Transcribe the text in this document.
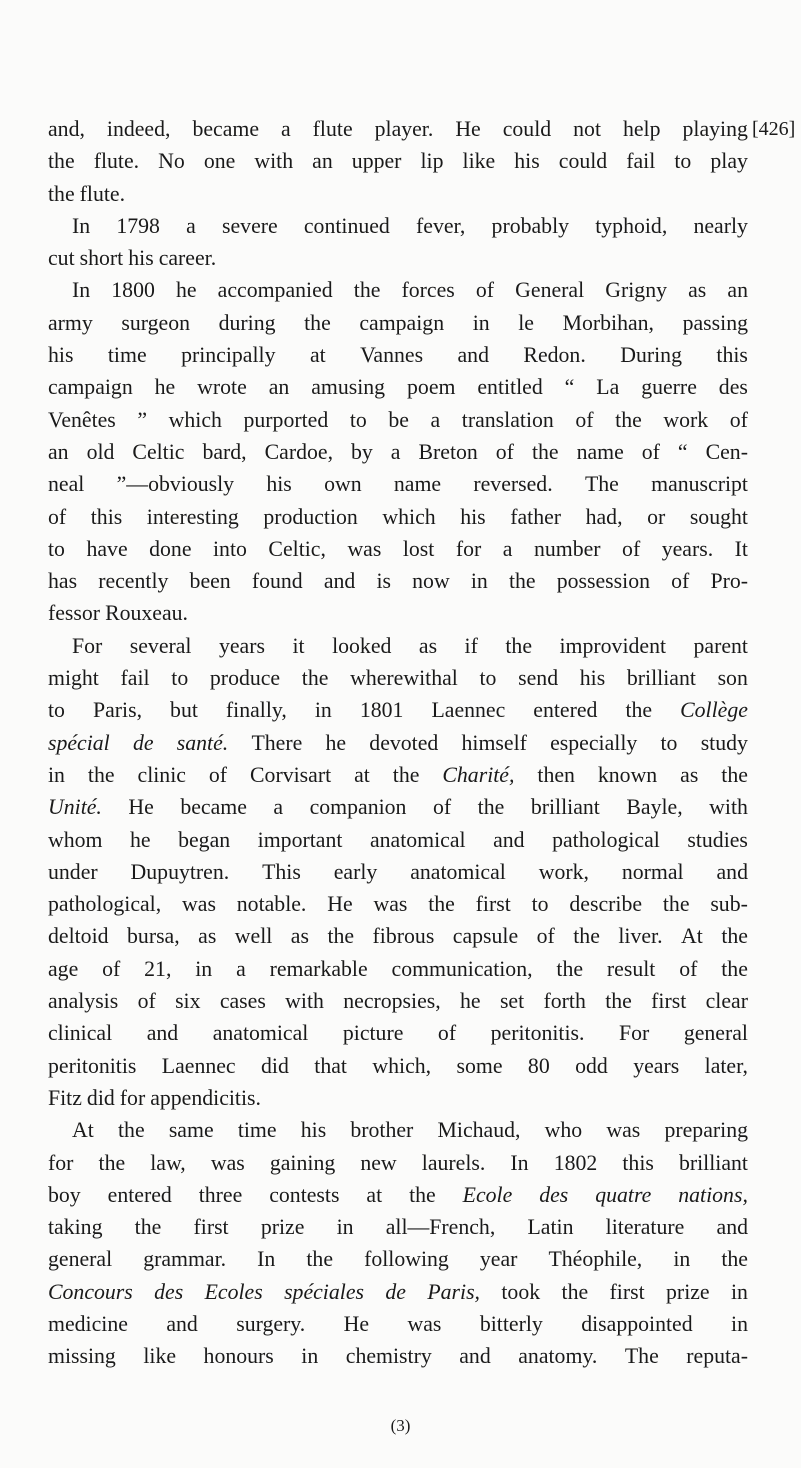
and, indeed, became a flute player. He could not help playing
the flute. No one with an upper lip like his could fail to play
the flute.
In 1798 a severe continued fever, probably typhoid, nearly
cut short his career.
In 1800 he accompanied the forces of General Grigny as an
army surgeon during the campaign in le Morbihan, passing
his time principally at Vannes and Redon. During this
campaign he wrote an amusing poem entitled “ La guerre des
Venêtes ” which purported to be a translation of the work of
an old Celtic bard, Cardoe, by a Breton of the name of “ Cen-
neal ”—obviously his own name reversed. The manuscript
of this interesting production which his father had, or sought
to have done into Celtic, was lost for a number of years. It
has recently been found and is now in the possession of Pro-
fessor Rouxeau.
For several years it looked as if the improvident parent
might fail to produce the wherewithal to send his brilliant son
to Paris, but finally, in 1801 Laennec entered the Collège
spécial de santé. There he devoted himself especially to study
in the clinic of Corvisart at the Charité, then known as the
Unité. He became a companion of the brilliant Bayle, with
whom he began important anatomical and pathological studies
under Dupuytren. This early anatomical work, normal and
pathological, was notable. He was the first to describe the sub-
deltoid bursa, as well as the fibrous capsule of the liver. At the
age of 21, in a remarkable communication, the result of the
analysis of six cases with necropsies, he set forth the first clear
clinical and anatomical picture of peritonitis. For general
peritonitis Laennec did that which, some 80 odd years later,
Fitz did for appendicitis.
At the same time his brother Michaud, who was preparing
for the law, was gaining new laurels. In 1802 this brilliant
boy entered three contests at the Ecole des quatre nations,
taking the first prize in all—French, Latin literature and
general grammar. In the following year Théophile, in the
Concours des Ecoles spéciales de Paris, took the first prize in
medicine and surgery. He was bitterly disappointed in
missing like honours in chemistry and anatomy. The reputa-
[426]
(3)
